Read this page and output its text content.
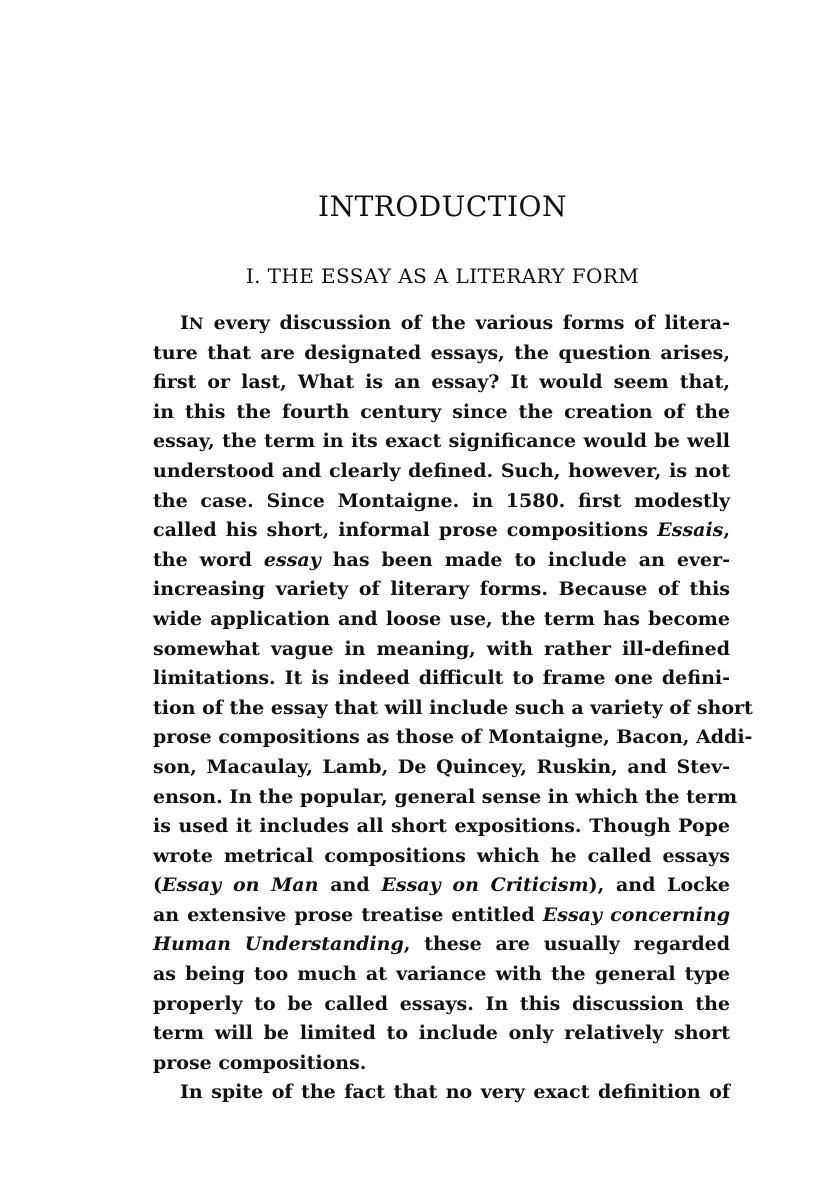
INTRODUCTION
I. THE ESSAY AS A LITERARY FORM
IN every discussion of the various forms of litera-
ture that are designated essays, the question arises,
first or last, What is an essay? It would seem that,
in this the fourth century since the creation of the
essay, the term in its exact significance would be well
understood and clearly defined. Such, however, is not
the case. Since Montaigne. in 1580. first modestly
called his short, informal prose compositions Essais,
the word essay has been made to include an ever-
increasing variety of literary forms. Because of this
wide application and loose use, the term has become
somewhat vague in meaning, with rather ill-defined
limitations. It is indeed difficult to frame one defini-
tion of the essay that will include such a variety of short
prose compositions as those of Montaigne, Bacon, Addi-
son, Macaulay, Lamb, De Quincey, Ruskin, and Stev-
enson. In the popular, general sense in which the term
is used it includes all short expositions. Though Pope
wrote metrical compositions which he called essays
(Essay on Man and Essay on Criticism), and Locke
an extensive prose treatise entitled Essay concerning
Human Understanding, these are usually regarded
as being too much at variance with the general type
properly to be called essays. In this discussion the
term will be limited to include only relatively short
prose compositions.
In spite of the fact that no very exact definition of
